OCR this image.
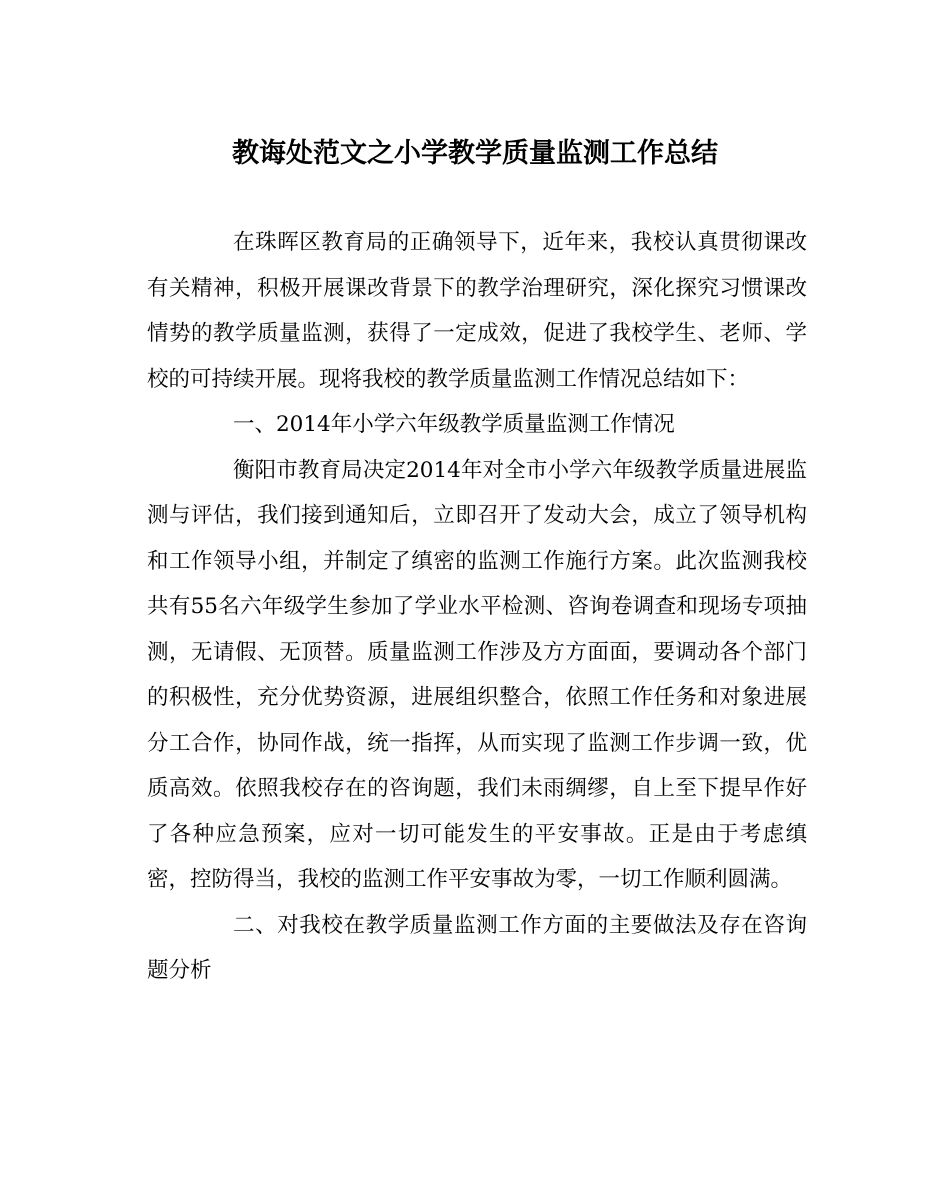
教诲处范文之小学教学质量监测工作总结

在珠晖区教育局的正确领导下，近年来，我校认真贯彻课改有关精神，积极开展课改背景下的教学治理研究，深化探究习惯课改情势的教学质量监测，获得了一定成效，促进了我校学生、老师、学校的可持续开展。现将我校的教学质量监测工作情况总结如下：

一、2014年小学六年级教学质量监测工作情况

衡阳市教育局决定2014年对全市小学六年级教学质量进展监测与评估，我们接到通知后，立即召开了发动大会，成立了领导机构和工作领导小组，并制定了缜密的监测工作施行方案。此次监测我校共有55名六年级学生参加了学业水平检测、咨询卷调查和现场专项抽测，无请假、无顶替。质量监测工作涉及方方面面，要调动各个部门的积极性，充分优势资源，进展组织整合，依照工作任务和对象进展分工合作，协同作战，统一指挥，从而实现了监测工作步调一致，优质高效。依照我校存在的咨询题，我们未雨绸缪，自上至下提早作好了各种应急预案，应对一切可能发生的平安事故。正是由于考虑缜密，控防得当，我校的监测工作平安事故为零，一切工作顺利圆满。

二、对我校在教学质量监测工作方面的主要做法及存在咨询题分析
